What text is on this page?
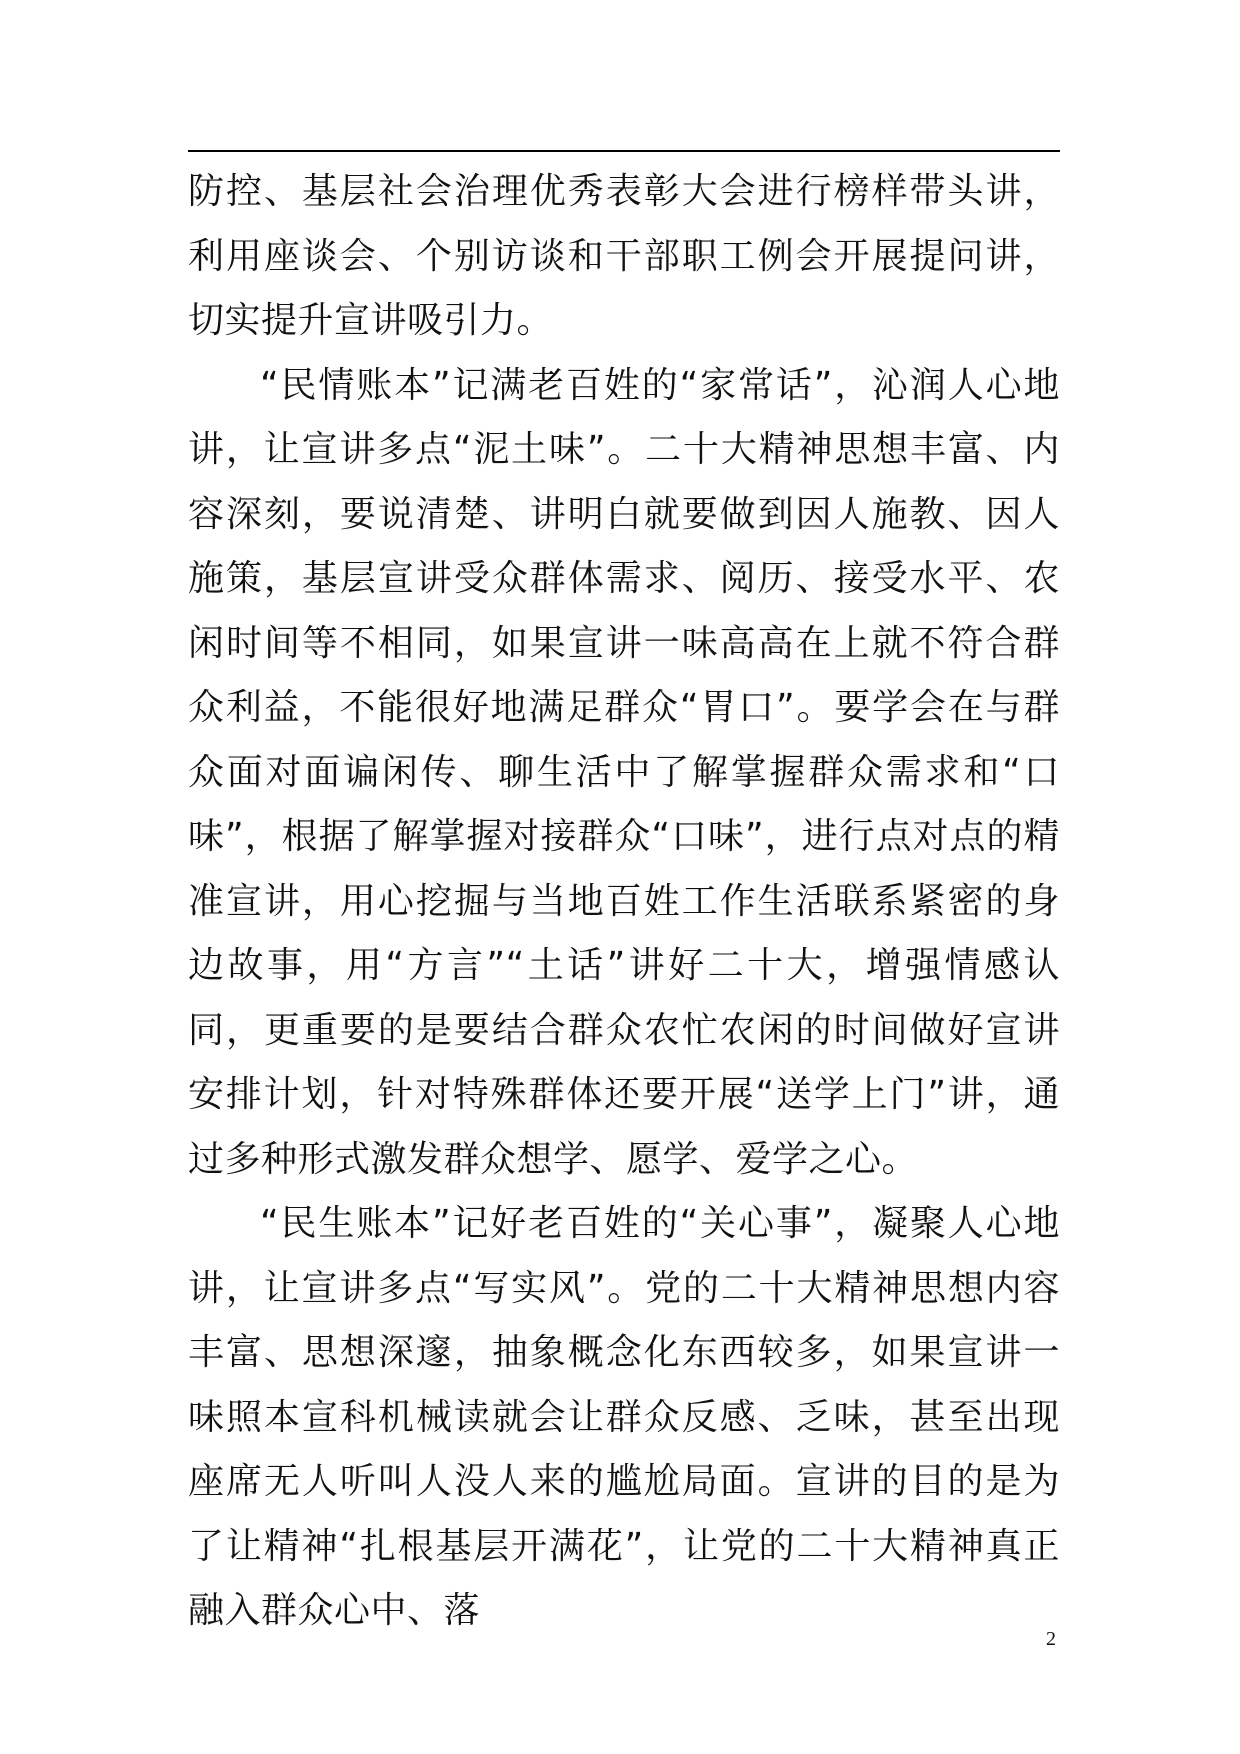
防控、基层社会治理优秀表彰大会进行榜样带头讲，利用座谈会、个别访谈和干部职工例会开展提问讲，切实提升宣讲吸引力。

“民情账本”记满老百姓的“家常话”，沁润人心地讲，让宣讲多点“泥土味”。二十大精神思想丰富、内容深刻，要说清楚、讲明白就要做到因人施教、因人施策，基层宣讲受众群体需求、阅历、接受水平、农闲时间等不相同，如果宣讲一味高高在上就不符合群众利益，不能很好地满足群众“胃口”。要学会在与群众面对面谝闲传、聊生活中了解掌握群众需求和“口味”，根据了解掌握对接群众“口味”，进行点对点的精准宣讲，用心挖掘与当地百姓工作生活联系紧密的身边故事，用“方言”“土话”讲好二十大，增强情感认同，更重要的是要结合群众农忙农闲的时间做好宣讲安排计划，针对特殊群体还要开展“送学上门”讲，通过多种形式激发群众想学、愿学、爱学之心。

“民生账本”记好老百姓的“关心事”，凝聚人心地讲，让宣讲多点“写实风”。党的二十大精神思想内容丰富、思想深邃，抽象概念化东西较多，如果宣讲一味照本宣科机械读就会让群众反感、乏味，甚至出现座席无人听叫人没人来的尴尬局面。宣讲的目的是为了让精神“扎根基层开满花”，让党的二十大精神真正融入群众心中、落

2
